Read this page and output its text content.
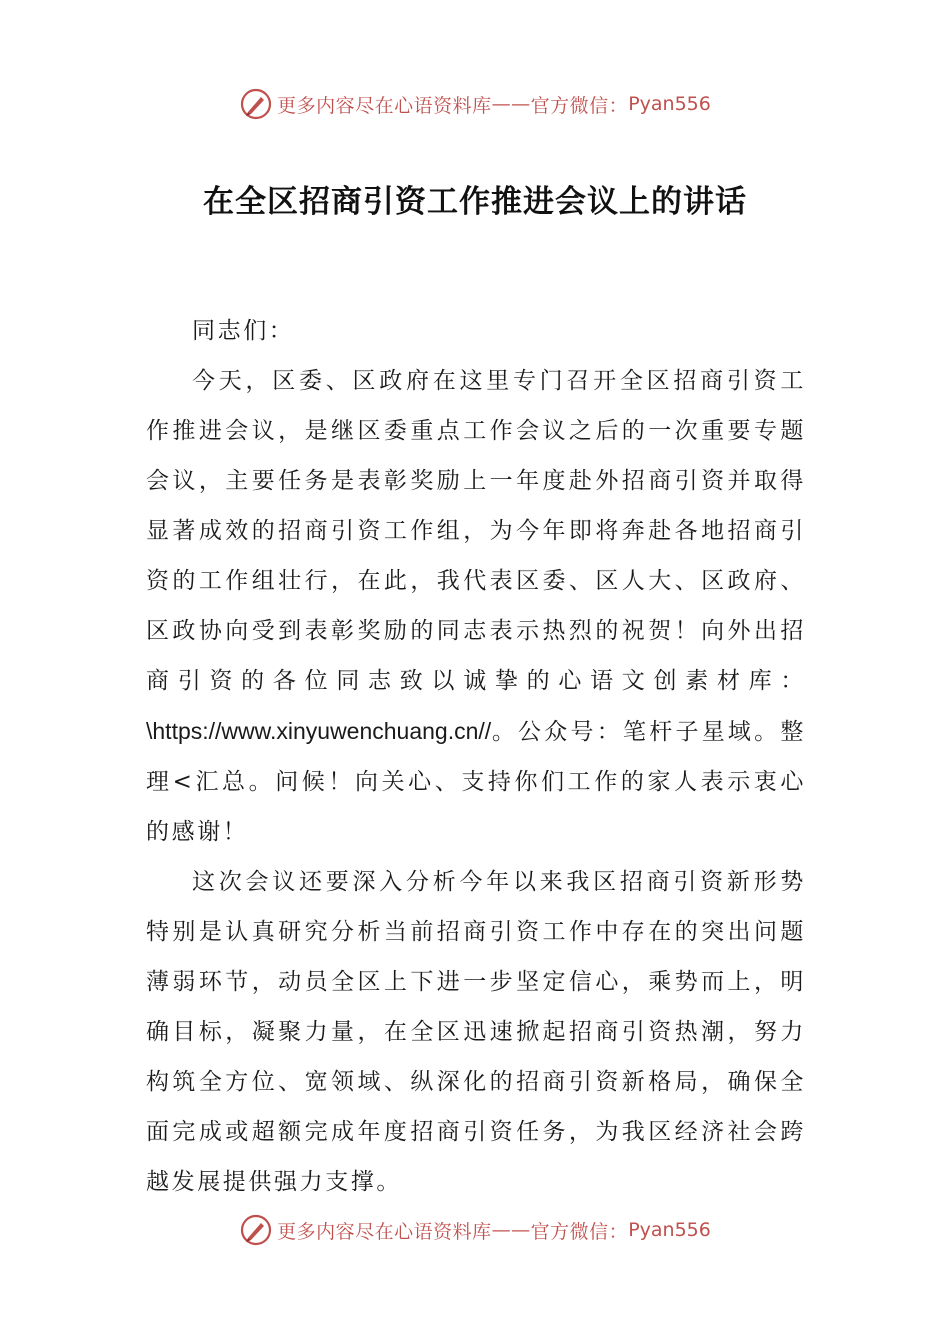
更多内容尽在心语资料库 —— 官方微信： Pyan556
在全区招商引资工作推进会议上的讲话

同志们：

今天，区委、区政府在这里专门召开全区招商引资工作推进会议，是继区委重点工作会议之后的一次重要专题会议，主要任务是表彰奖励上一年度赴外招商引资并取得显著成效的招商引资工作组，为今年即将奔赴各地招商引资的工作组壮行，在此，我代表区委、区人大、区政府、区政协向受到表彰奖励的同志表示热烈的祝贺！向外出招商引资的各位同志致以诚挚的心语文创素材库：\https://www.xinyuwenchuang.cn//。公众号：笔杆子星域。整理<汇总。问候！向关心、支持你们工作的家人表示衷心的感谢！

这次会议还要深入分析今年以来我区招商引资新形势特别是认真研究分析当前招商引资工作中存在的突出问题薄弱环节，动员全区上下进一步坚定信心，乘势而上，明确目标，凝聚力量，在全区迅速掀起招商引资热潮，努力构筑全方位、宽领域、纵深化的招商引资新格局，确保全面完成或超额完成年度招商引资任务，为我区经济社会跨越发展提供强力支撑。

更多内容尽在心语资料库 —— 官方微信： Pyan556
